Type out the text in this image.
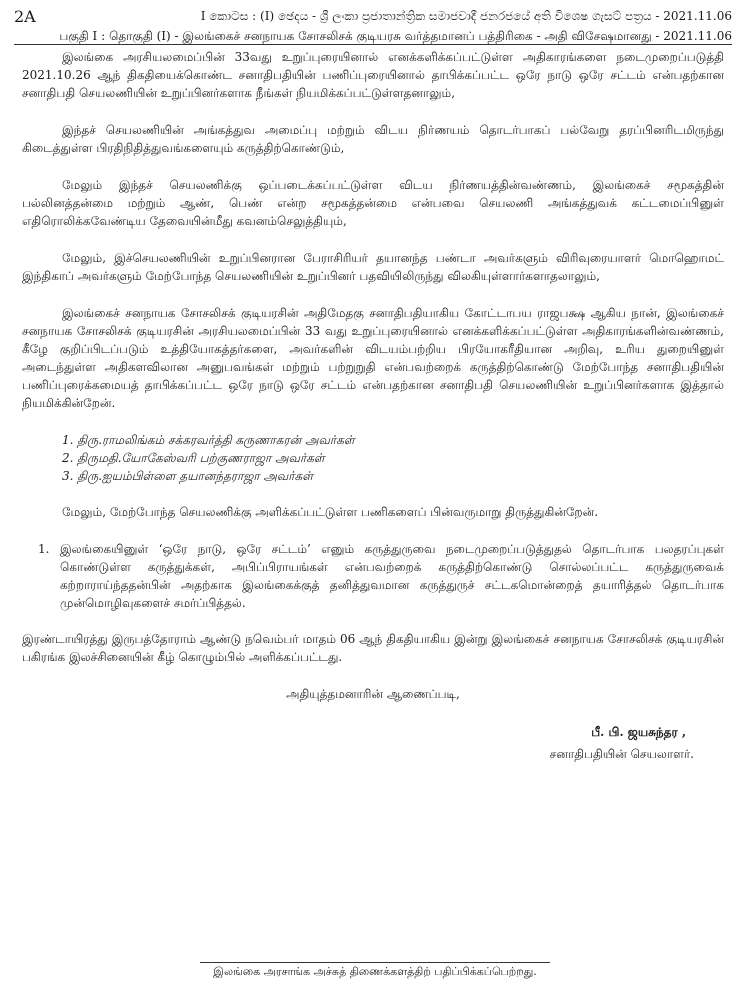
2A	I කොටස : (I) ඡෙදය - ශ්‍රී ලංකා ප්‍රජාතාන්ත්‍රික සමාජවාදී ජනරජයේ අති විශෙෂ ගැසට් පත්‍රය - 2021.11.06
பகுதி I : தொகுதி (I) - இலங்கைச் சனநாயக சோசலிசக் குடியரசு வர்த்தமானப் பத்திரிகை - அதி விசேஷமானது - 2021.11.06

இலங்கை அரசியலமைப்பின் 33வது உறுப்புரையினால் எனக்களிக்கப்பட்டுள்ள அதிகாரங்களை நடைமுறைப்படுத்தி 2021.10.26 ஆந் திகதியைக்கொண்ட சனாதிபதியின் பணிப்புரையினால் தாபிக்கப்பட்ட ஒரே நாடு ஒரே சட்டம் என்பதற்கான சனாதிபதி செயலணியின் உறுப்பினர்களாக நீங்கள் நியமிக்கப்பட்டுள்ளதனாலும்,

இந்தச் செயலணியின் அங்கத்துவ அமைப்பு மற்றும் விடய நிர்ணயம் தொடர்பாகப் பல்வேறு தரப்பினரிடமிருந்து கிடைத்துள்ள பிரதிநிதித்துவங்களையும் கருத்திற்கொண்டும்,

மேலும் இந்தச் செயலணிக்கு ஒப்படைக்கப்பட்டுள்ள விடய நிர்ணயத்தின்வண்ணம், இலங்கைச் சமூகத்தின் பல்லினத்தன்மை மற்றும் ஆண், பெண் என்ற சமூகத்தன்மை என்பவை செயலணி அங்கத்துவக் கட்டமைப்பினுள் எதிரொலிக்கவேண்டிய தேவையின்மீது கவனம்செலுத்தியும்,

மேலும், இச்செயலணியின் உறுப்பினரான பேராசிரியர் தயானந்த பண்டா அவர்களும் விரிவுரையாளர் மொஹொமட் இந்திகாப் அவர்களும் மேற்போந்த செயலணியின் உறுப்பினர் பதவியிலிருந்து விலகியுள்ளார்களாதலாலும்,

இலங்கைச் சனநாயக சோசலிசக் குடியரசின் அதிமேதகு சனாதிபதியாகிய கோட்டாபய ராஜபக்ஷ ஆகிய நான், இலங்கைச் சனநாயக சோசலிசக் குடியரசின் அரசியலமைப்பின் 33 வது உறுப்புரையினால் எனக்களிக்கப்பட்டுள்ள அதிகாரங்களின்வண்ணம், கீழே குறிப்பிடப்படும் உத்தியோகத்தர்களை, அவர்களின் விடயம்பற்றிய பிரயோகரீதியான அறிவு, உரிய துறையினுள் அடைந்துள்ள அதிகளவிலான அனுபவங்கள் மற்றும் பற்றுறுதி என்பவற்றைக் கருத்திற்கொண்டு மேற்போந்த சனாதிபதியின் பணிப்புரைக்கமையத் தாபிக்கப்பட்ட ஒரே நாடு ஒரே சட்டம் என்பதற்கான சனாதிபதி செயலணியின் உறுப்பினர்களாக இத்தால் நியமிக்கின்றேன்.

1. திரு.ராமலிங்கம் சக்கரவர்த்தி கருணாகரன் அவர்கள்
2. திருமதி.யோகேஸ்வரி பற்குணராஜா அவர்கள்
3. திரு.ஐயம்பிள்ளை தயானந்தராஜா அவர்கள்

மேலும், மேற்போந்த செயலணிக்கு அளிக்கப்பட்டுள்ள பணிகளைப் பின்வருமாறு திருத்துகின்றேன்.

1. இலங்கையினுள் ‘ஒரே நாடு, ஒரே சட்டம்’ எனும் கருத்துருவை நடைமுறைப்படுத்துதல் தொடர்பாக பலதரப்புகள் கொண்டுள்ள கருத்துக்கள், அபிப்பிராயங்கள் என்பவற்றைக் கருத்திற்கொண்டு சொல்லப்பட்ட கருத்துருவைக் கற்றாராய்ந்ததன்பின் அதற்காக இலங்கைக்குத் தனித்துவமான கருத்துருச் சட்டகமொன்றைத் தயாரித்தல் தொடர்பாக முன்மொழிவுகளைச் சமர்ப்பித்தல்.

இரண்டாயிரத்து இருபத்தோராம் ஆண்டு நவெம்பர் மாதம் 06 ஆந் திகதியாகிய இன்று இலங்கைச் சனநாயக சோசலிசக் குடியரசின் பகிரங்க இலச்சினையின் கீழ் கொழும்பில் அளிக்கப்பட்டது.

அதியுத்தமனாரின் ஆணைப்படி,

பீ. பி. ஜயசுந்தர ,

சனாதிபதியின் செயலாளர்.

இலங்கை அரசாங்க அச்சுத் திணைக்களத்திற் பதிப்பிக்கப்பெற்றது.
